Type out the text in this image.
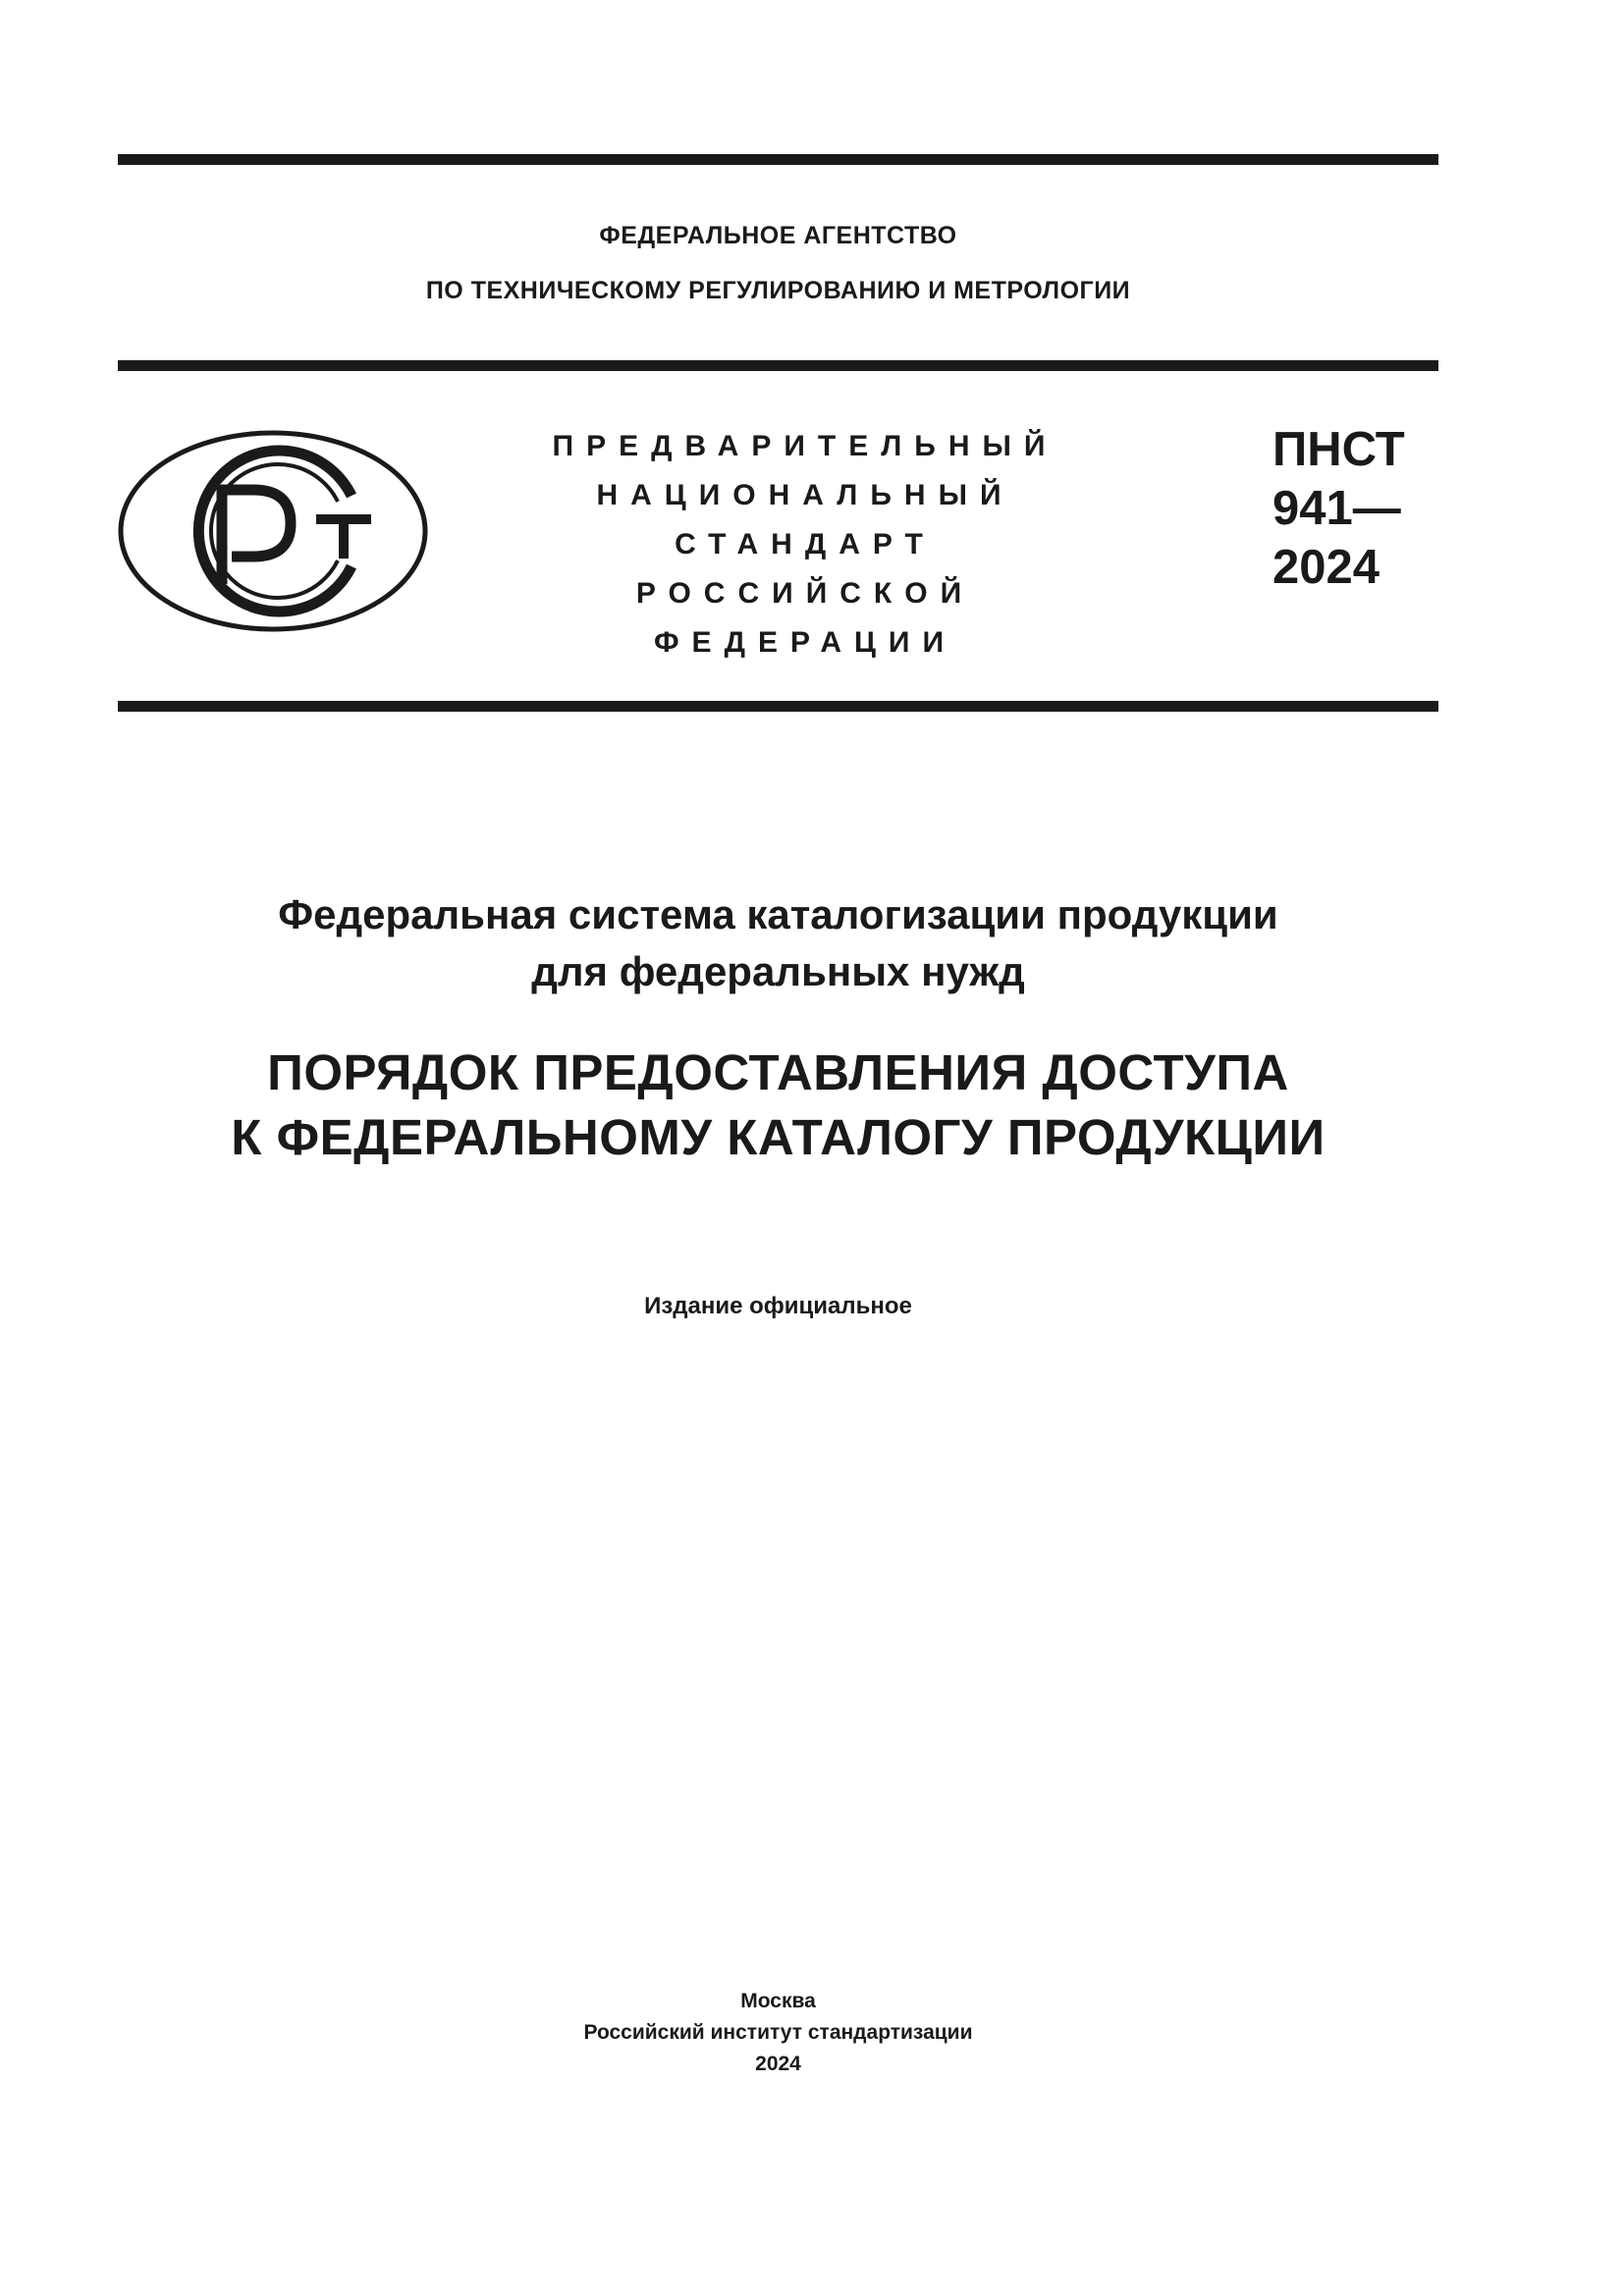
ФЕДЕРАЛЬНОЕ АГЕНТСТВО
ПО ТЕХНИЧЕСКОМУ РЕГУЛИРОВАНИЮ И МЕТРОЛОГИИ
ПРЕДВАРИТЕЛЬНЫЙ
НАЦИОНАЛЬНЫЙ
СТАНДАРТ
РОССИЙСКОЙ
ФЕДЕРАЦИИ
ПНСТ
941—
2024
Федеральная система каталогизации продукции
для федеральных нужд
ПОРЯДОК ПРЕДОСТАВЛЕНИЯ ДОСТУПА
К ФЕДЕРАЛЬНОМУ КАТАЛОГУ ПРОДУКЦИИ
Издание официальное
Москва
Российский институт стандартизации
2024
